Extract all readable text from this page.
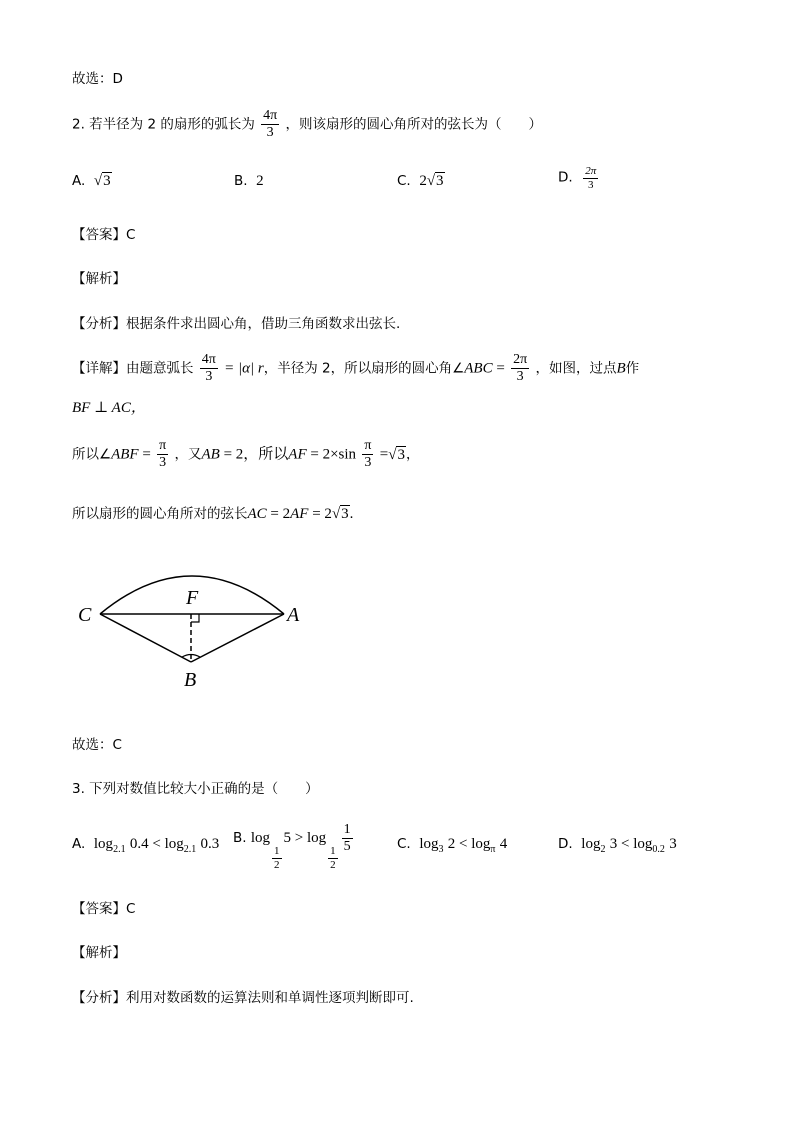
故选：D
2. 若半径为 2 的扇形的弧长为 $\frac{4\pi}{3}$ ，则该扇形的圆心角所对的弦长为（　　）
A. √3	B. 2	C. 2√3	D. $\frac{2\pi}{3}$
【答案】C
【解析】
【分析】根据条件求出圆心角，借助三角函数求出弦长.
【详解】由题意弧长 $\frac{4\pi}{3} = |\alpha|$ r，半径为 2，所以扇形的圆心角∠ABC = $\frac{2\pi}{3}$ ，如图，过点B作
BF ⊥ AC，
所以∠ABF = $\frac{\pi}{3}$ ，又AB = 2，所以AF = $2\times\sin \frac{\pi}{3} =√3$，
所以扇形的圆心角所对的弦长AC = 2AF = 2√3.
C
F
A
B
故选：C
3. 下列对数值比较大小正确的是（　　）
A. $\log_{2.1} 0.4 < \log_{2.1} 0.3$ B. log
$\frac{1}{2}$
5 > log
$\frac{1}{2}$
$\frac{1}{5}$	C. $\log_3 2 < \log_\pi 4$	D. $\log_2 3 < \log_{0.2} 3$
【答案】C
【解析】
【分析】利用对数函数的运算法则和单调性逐项判断即可.
